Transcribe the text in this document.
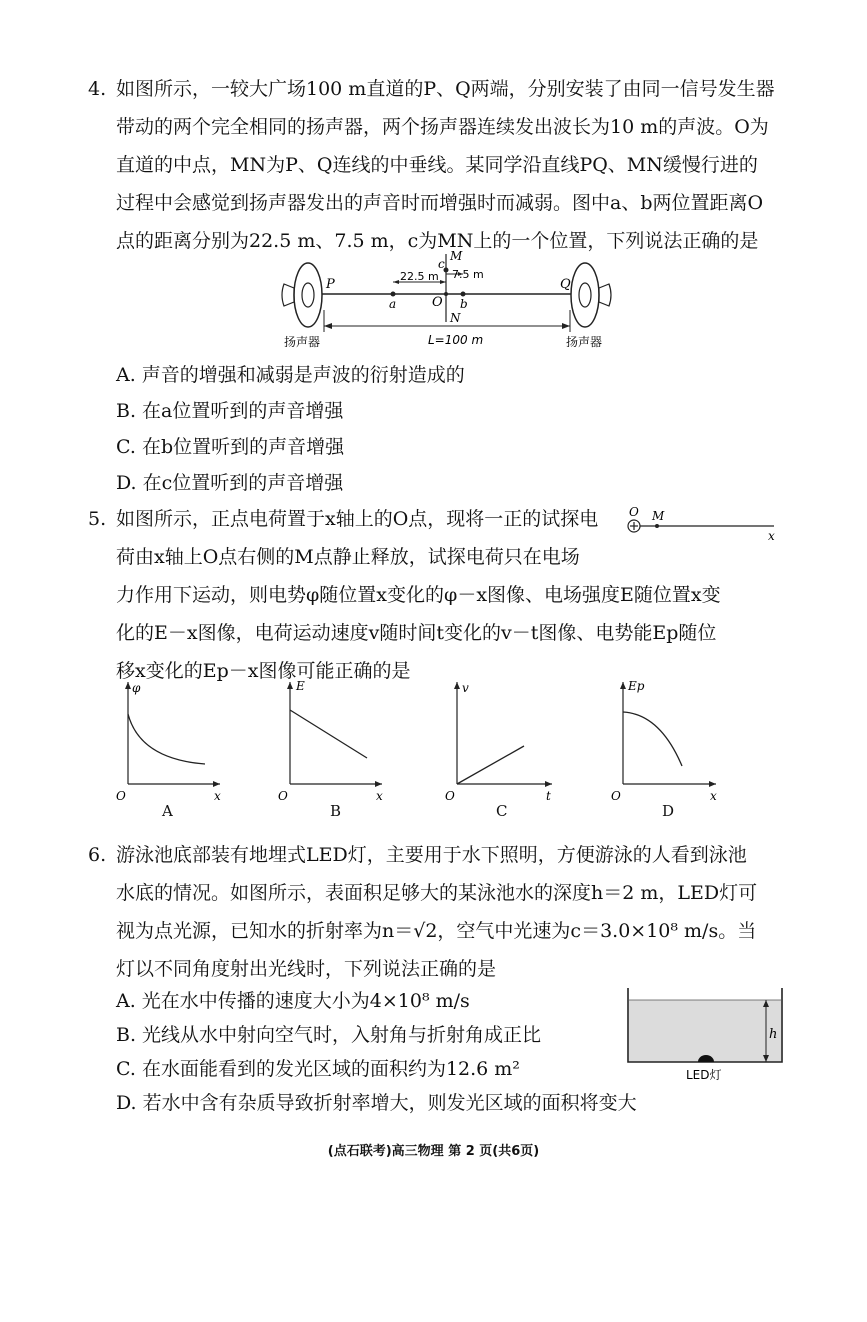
4. 如图所示，一较大广场100 m直道的P、Q两端，分别安装了由同一信号发生器
带动的两个完全相同的扬声器，两个扬声器连续发出波长为10 m的声波。O为
直道的中点，MN为P、Q连线的中垂线。某同学沿直线PQ、MN缓慢行进的
过程中会感觉到扬声器发出的声音时而增强时而减弱。图中a、b两位置距离O
点的距离分别为22.5 m、7.5 m，c为MN上的一个位置，下列说法正确的是
P	Q
M
N
O
a	b
c
22.5 m 7.5 m
扬声器	扬声器
L=100 m
A. 声音的增强和减弱是声波的衍射造成的
B. 在a位置听到的声音增强
C. 在b位置听到的声音增强
D. 在c位置听到的声音增强
5. 如图所示，正点电荷置于x轴上的O点，现将一正的试探电
荷由x轴上O点右侧的M点静止释放，试探电荷只在电场
力作用下运动，则电势φ随位置x变化的φ－x图像、电场强度E随位置x变
化的E－x图像，电荷运动速度v随时间t变化的v－t图像、电势能Ep随位
移x变化的Ep－x图像可能正确的是
O M
x
φ
x
O
E
x
O
v
t
O
Ep
x
O
A	B	C	D
6. 游泳池底部装有地埋式LED灯，主要用于水下照明，方便游泳的人看到泳池
水底的情况。如图所示，表面积足够大的某泳池水的深度h＝2 m，LED灯可
视为点光源，已知水的折射率为n＝√2，空气中光速为c＝3.0×10⁸ m/s。当
灯以不同角度射出光线时，下列说法正确的是
A. 光在水中传播的速度大小为4×10⁸ m/s
B. 光线从水中射向空气时，入射角与折射角成正比
C. 在水面能看到的发光区域的面积约为12.6 m²
D. 若水中含有杂质导致折射率增大，则发光区域的面积将变大
h
LED灯
(点石联考)高三物理 第 2 页(共6页)
